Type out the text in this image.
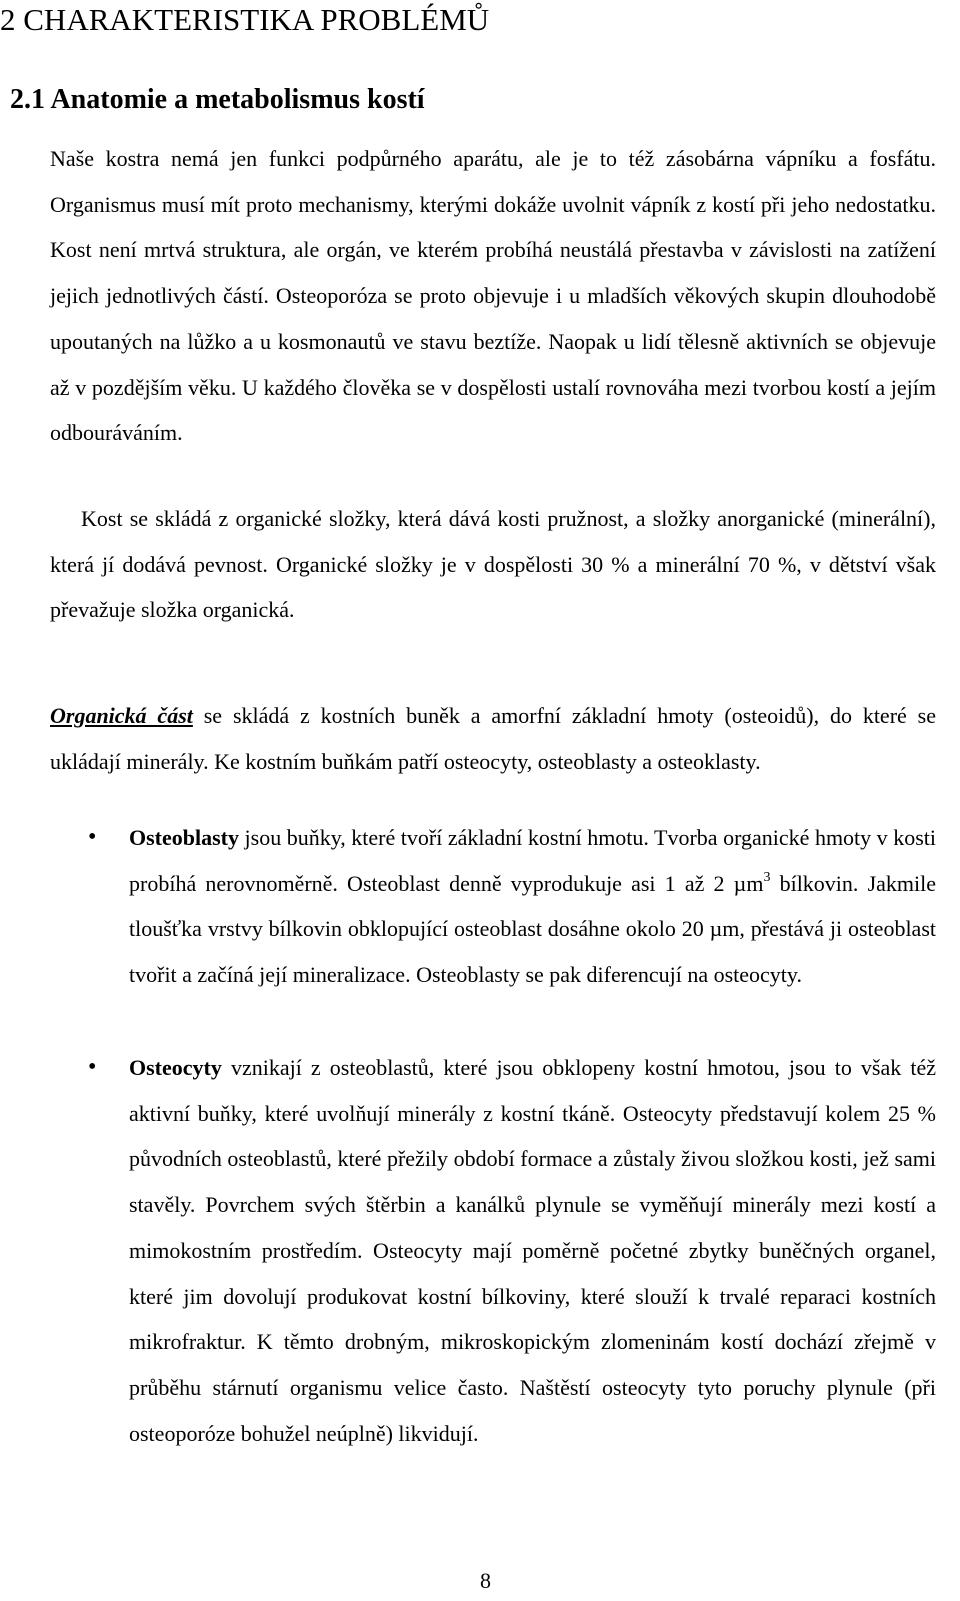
2 CHARAKTERISTIKA PROBLÉMŮ
2.1 Anatomie a metabolismus kostí

Naše kostra nemá jen funkci podpůrného aparátu, ale je to též zásobárna vápníku a fosfátu. Organismus musí mít proto mechanismy, kterými dokáže uvolnit vápník z kostí při jeho nedostatku. Kost není mrtvá struktura, ale orgán, ve kterém probíhá neustálá přestavba v závislosti na zatížení jejich jednotlivých částí. Osteoporóza se proto objevuje i u mladších věkových skupin dlouhodobě upoutaných na lůžko a u kosmonautů ve stavu beztíže. Naopak u lidí tělesně aktivních se objevuje až v pozdějším věku. U každého člověka se v dospělosti ustalí rovnováha mezi tvorbou kostí a jejím odbouráváním.

Kost se skládá z organické složky, která dává kosti pružnost, a složky anorganické (minerální), která jí dodává pevnost. Organické složky je v dospělosti 30 % a minerální 70 %, v dětství však převažuje složka organická.

Organická část se skládá z kostních buněk a amorfní základní hmoty (osteoidů), do které se ukládají minerály. Ke kostním buňkám patří osteocyty, osteoblasty a osteoklasty.

• Osteoblasty jsou buňky, které tvoří základní kostní hmotu. Tvorba organické hmoty v kosti probíhá nerovnoměrně. Osteoblast denně vyprodukuje asi 1 až 2 µm$^3$ bílkovin. Jakmile tloušťka vrstvy bílkovin obklopující osteoblast dosáhne okolo 20 µm, přestává ji osteoblast tvořit a začíná její mineralizace. Osteoblasty se pak diferencují na osteocyty.

• Osteocyty vznikají z osteoblastů, které jsou obklopeny kostní hmotou, jsou to však též aktivní buňky, které uvolňují minerály z kostní tkáně. Osteocyty představují kolem 25 % původních osteoblastů, které přežily období formace a zůstaly živou složkou kosti, jež sami stavěly. Povrchem svých štěrbin a kanálků plynule se vyměňují minerály mezi kostí a mimokostním prostředím. Osteocyty mají poměrně početné zbytky buněčných organel, které jim dovolují produkovat kostní bílkoviny, které slouží k trvalé reparaci kostních mikrofraktur. K těmto drobným, mikroskopickým zlomeninám kostí dochází zřejmě v průběhu stárnutí organismu velice často. Naštěstí osteocyty tyto poruchy plynule (při osteoporóze bohužel neúplně) likvidují.

8
